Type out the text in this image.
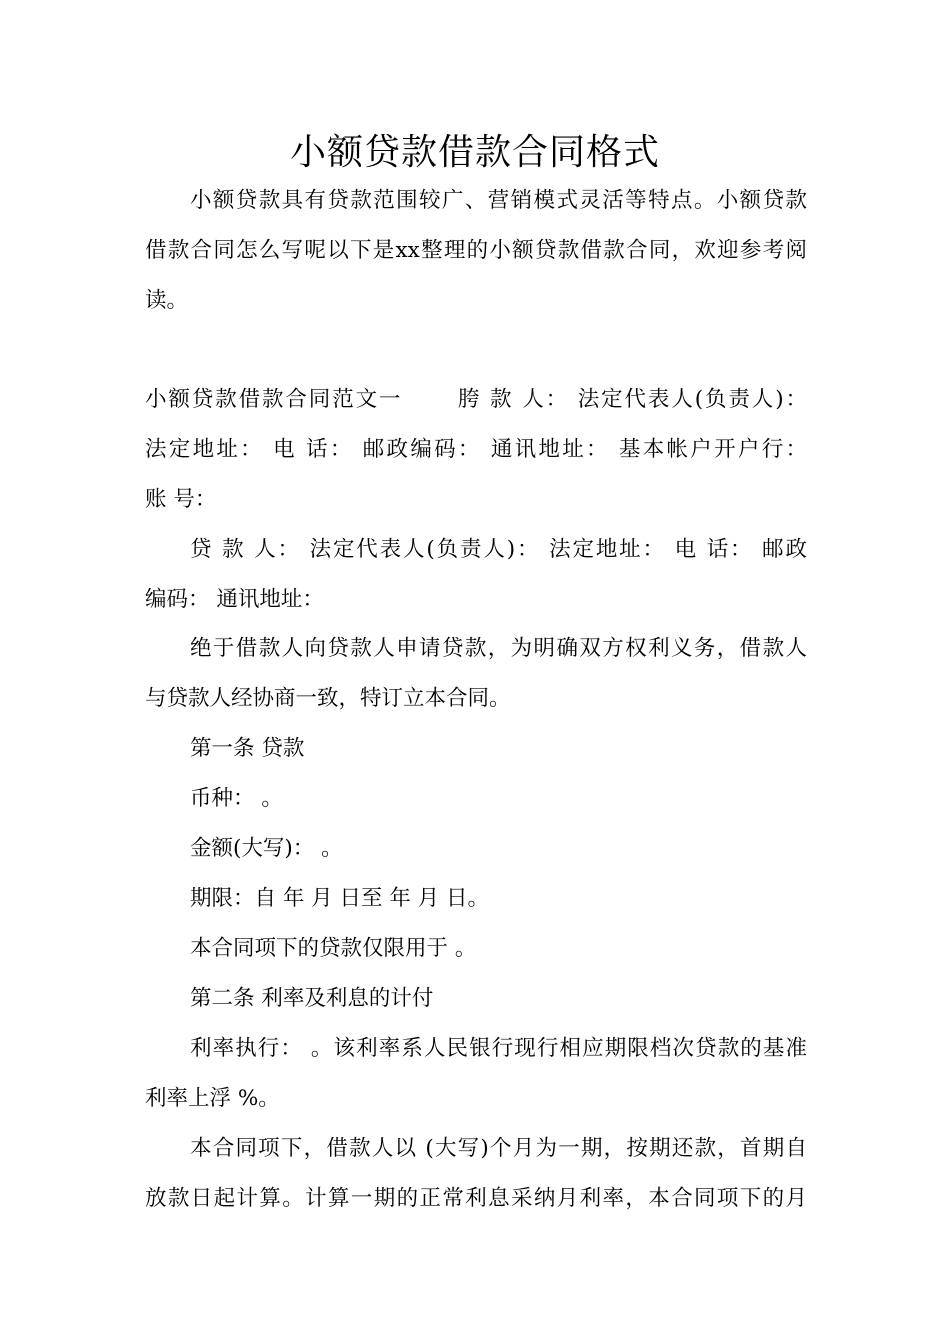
小额贷款借款合同格式
小额贷款具有贷款范围较广、营销模式灵活等特点。小额贷款
借款合同怎么写呢以下是xx整理的小额贷款借款合同，欢迎参考阅
读。
小额贷款借款合同范文一　　 胯 款 人： 法定代表人(负责人)：
法定地址： 电 话： 邮政编码： 通讯地址： 基本帐户开户行：
账 号：
贷 款 人： 法定代表人(负责人)： 法定地址： 电 话： 邮政
编码： 通讯地址：
绝于借款人向贷款人申请贷款，为明确双方权利义务，借款人
与贷款人经协商一致，特订立本合同。
第一条 贷款
币种： 。
金额(大写)： 。
期限：自 年 月 日至 年 月 日。
本合同项下的贷款仅限用于 。
第二条 利率及利息的计付
利率执行： 。该利率系人民银行现行相应期限档次贷款的基准
利率上浮 %。
本合同项下，借款人以 (大写)个月为一期，按期还款，首期自
放款日起计算。计算一期的正常利息采纳月利率，本合同项下的月
